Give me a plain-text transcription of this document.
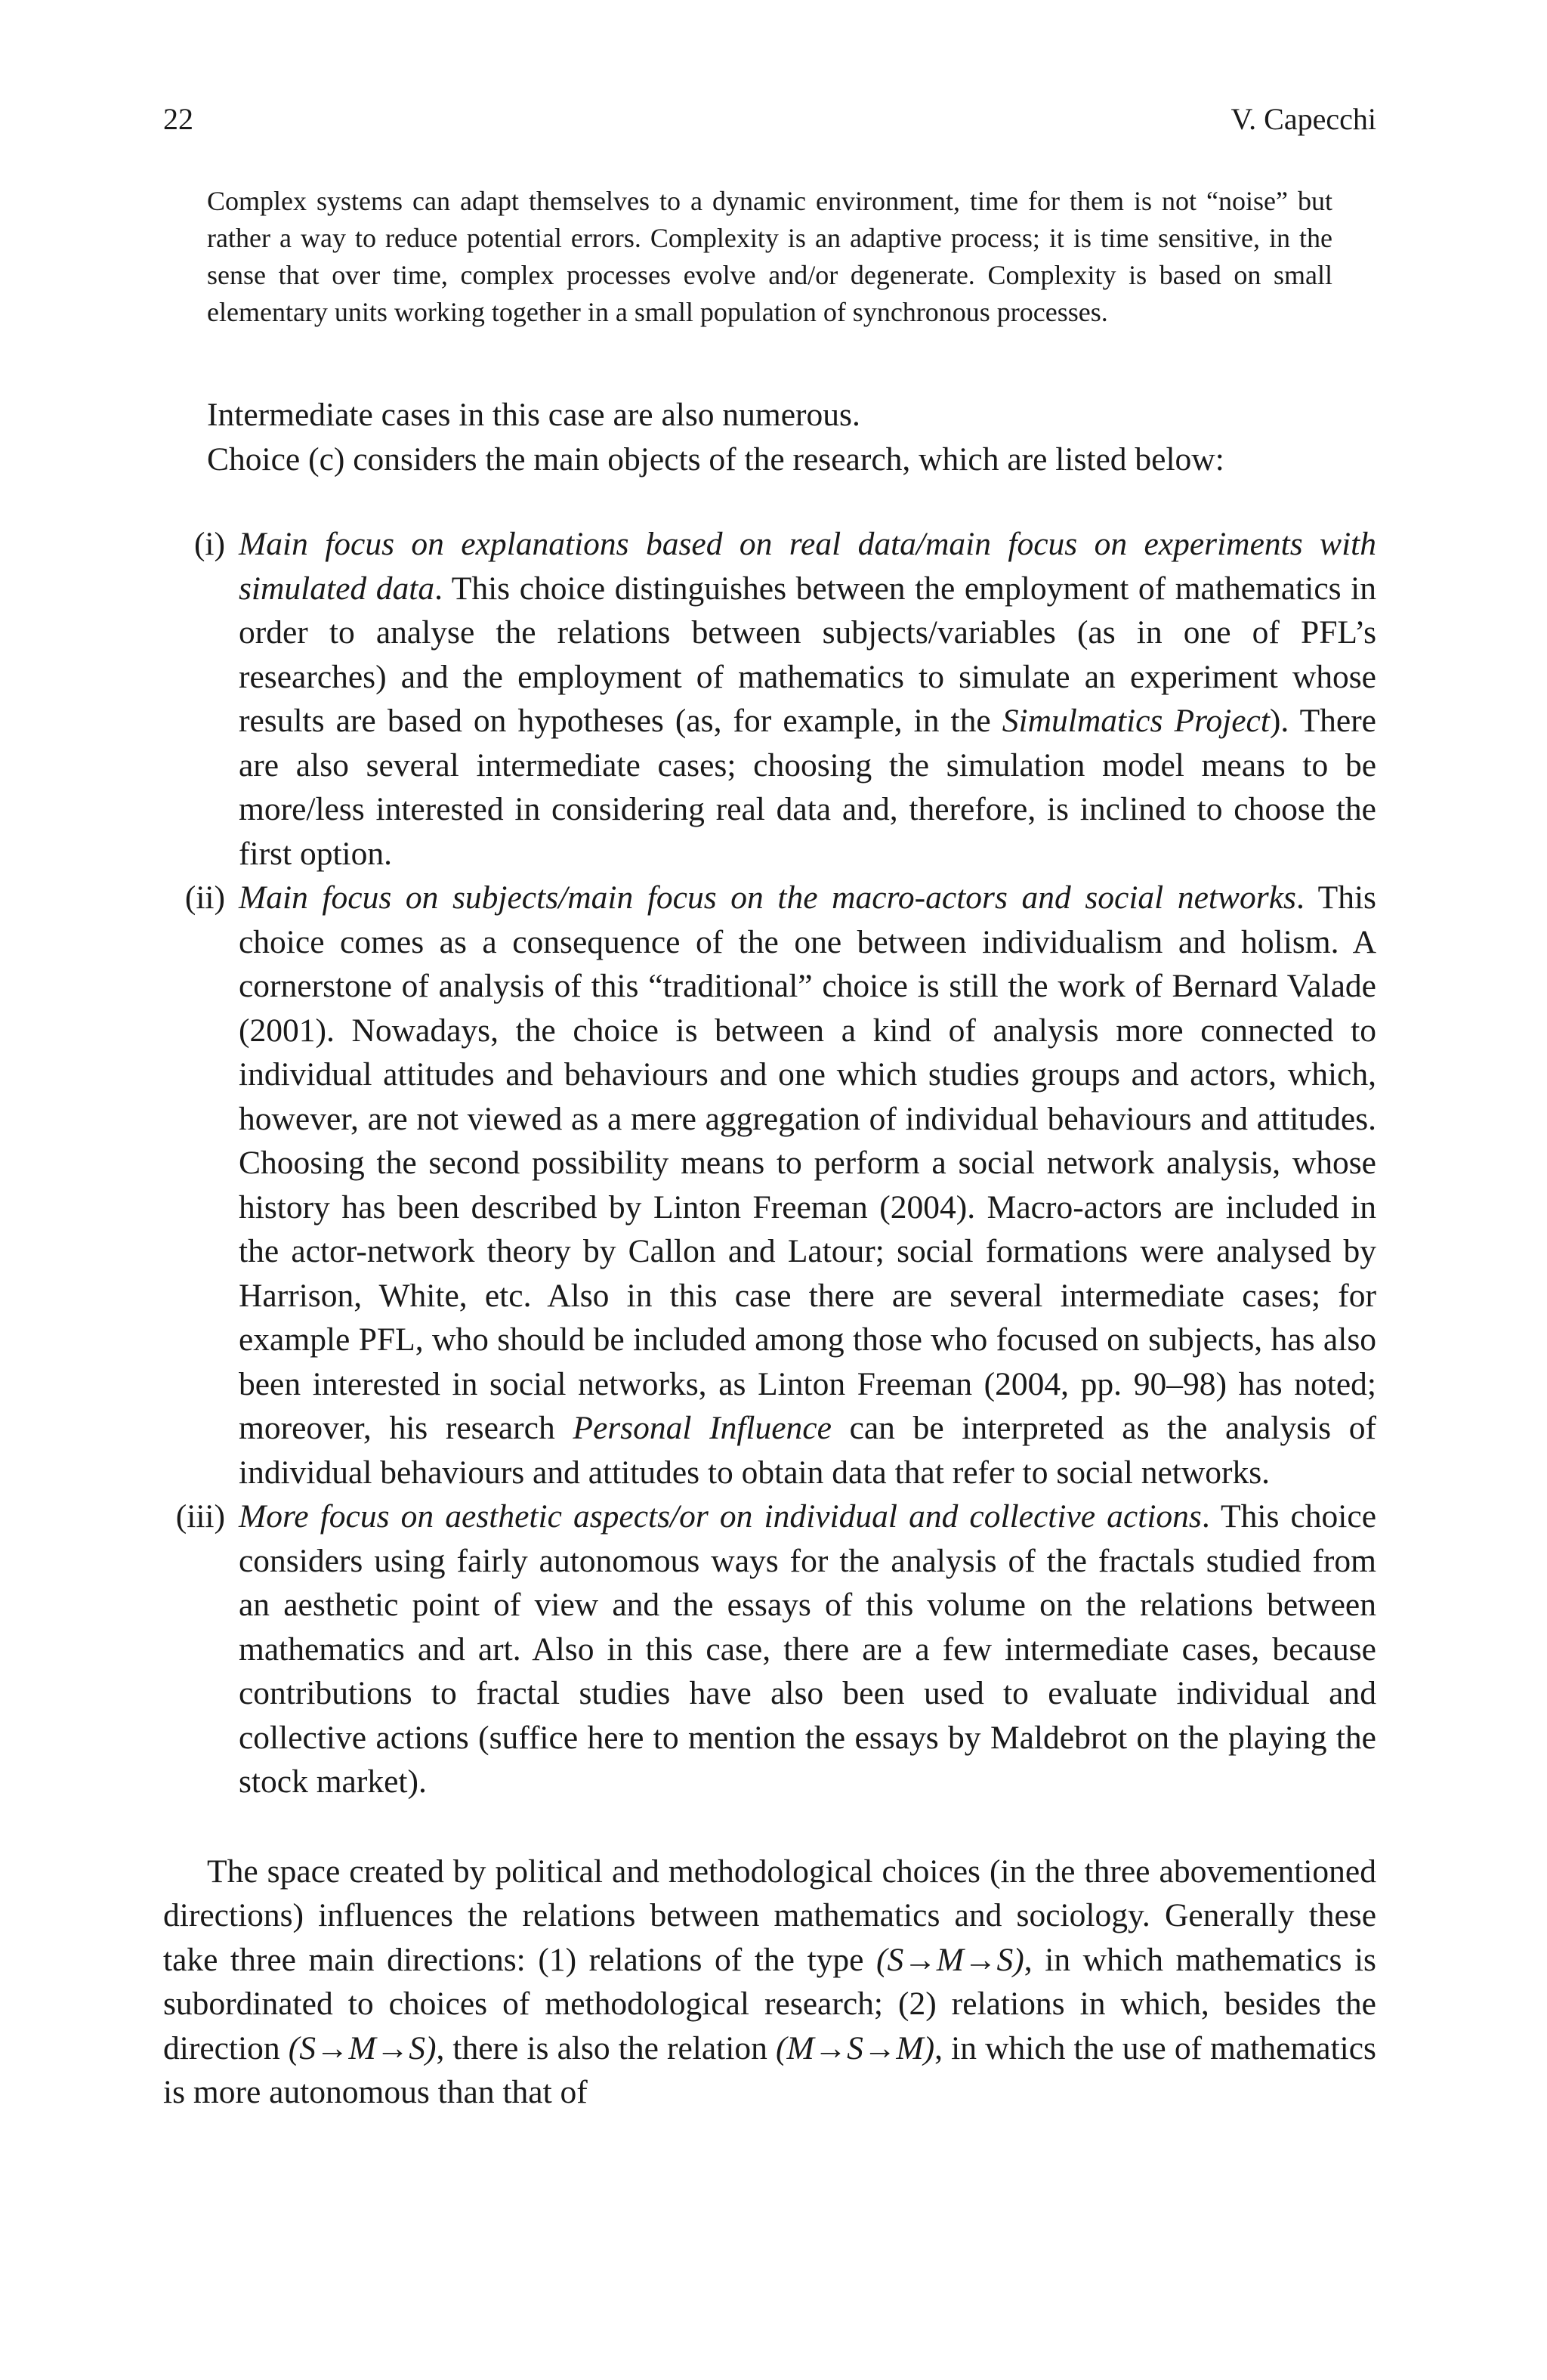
22	V. Capecchi

Complex systems can adapt themselves to a dynamic environment, time for them is not “noise” but rather a way to reduce potential errors. Complexity is an adaptive process; it is time sensitive, in the sense that over time, complex processes evolve and/or degenerate. Complexity is based on small elementary units working together in a small population of synchronous processes.

Intermediate cases in this case are also numerous.

Choice (c) considers the main objects of the research, which are listed below:

(i) Main focus on explanations based on real data/main focus on experiments with simulated data. This choice distinguishes between the employment of mathematics in order to analyse the relations between subjects/variables (as in one of PFL’s researches) and the employment of mathematics to simulate an experiment whose results are based on hypotheses (as, for example, in the Simulmatics Project). There are also several intermediate cases; choosing the simulation model means to be more/less interested in considering real data and, therefore, is inclined to choose the first option.
(ii) Main focus on subjects/main focus on the macro-actors and social networks. This choice comes as a consequence of the one between individualism and holism. A cornerstone of analysis of this “traditional” choice is still the work of Bernard Valade (2001). Nowadays, the choice is between a kind of analysis more connected to individual attitudes and behaviours and one which studies groups and actors, which, however, are not viewed as a mere aggregation of individual behaviours and attitudes. Choosing the second possibility means to perform a social network analysis, whose history has been described by Linton Freeman (2004). Macro-actors are included in the actor-network theory by Callon and Latour; social formations were analysed by Harrison, White, etc. Also in this case there are several intermediate cases; for example PFL, who should be included among those who focused on subjects, has also been interested in social networks, as Linton Freeman (2004, pp. 90–98) has noted; moreover, his research Personal Influence can be interpreted as the analysis of individual behaviours and attitudes to obtain data that refer to social networks.
(iii) More focus on aesthetic aspects/or on individual and collective actions. This choice considers using fairly autonomous ways for the analysis of the fractals studied from an aesthetic point of view and the essays of this volume on the relations between mathematics and art. Also in this case, there are a few intermediate cases, because contributions to fractal studies have also been used to evaluate individual and collective actions (suffice here to mention the essays by Maldebrot on the playing the stock market).

The space created by political and methodological choices (in the three abovementioned directions) influences the relations between mathematics and sociology. Generally these take three main directions: (1) relations of the type (S→M→S), in which mathematics is subordinated to choices of methodological research; (2) relations in which, besides the direction (S→M→S), there is also the relation (M→S→M), in which the use of mathematics is more autonomous than that of
